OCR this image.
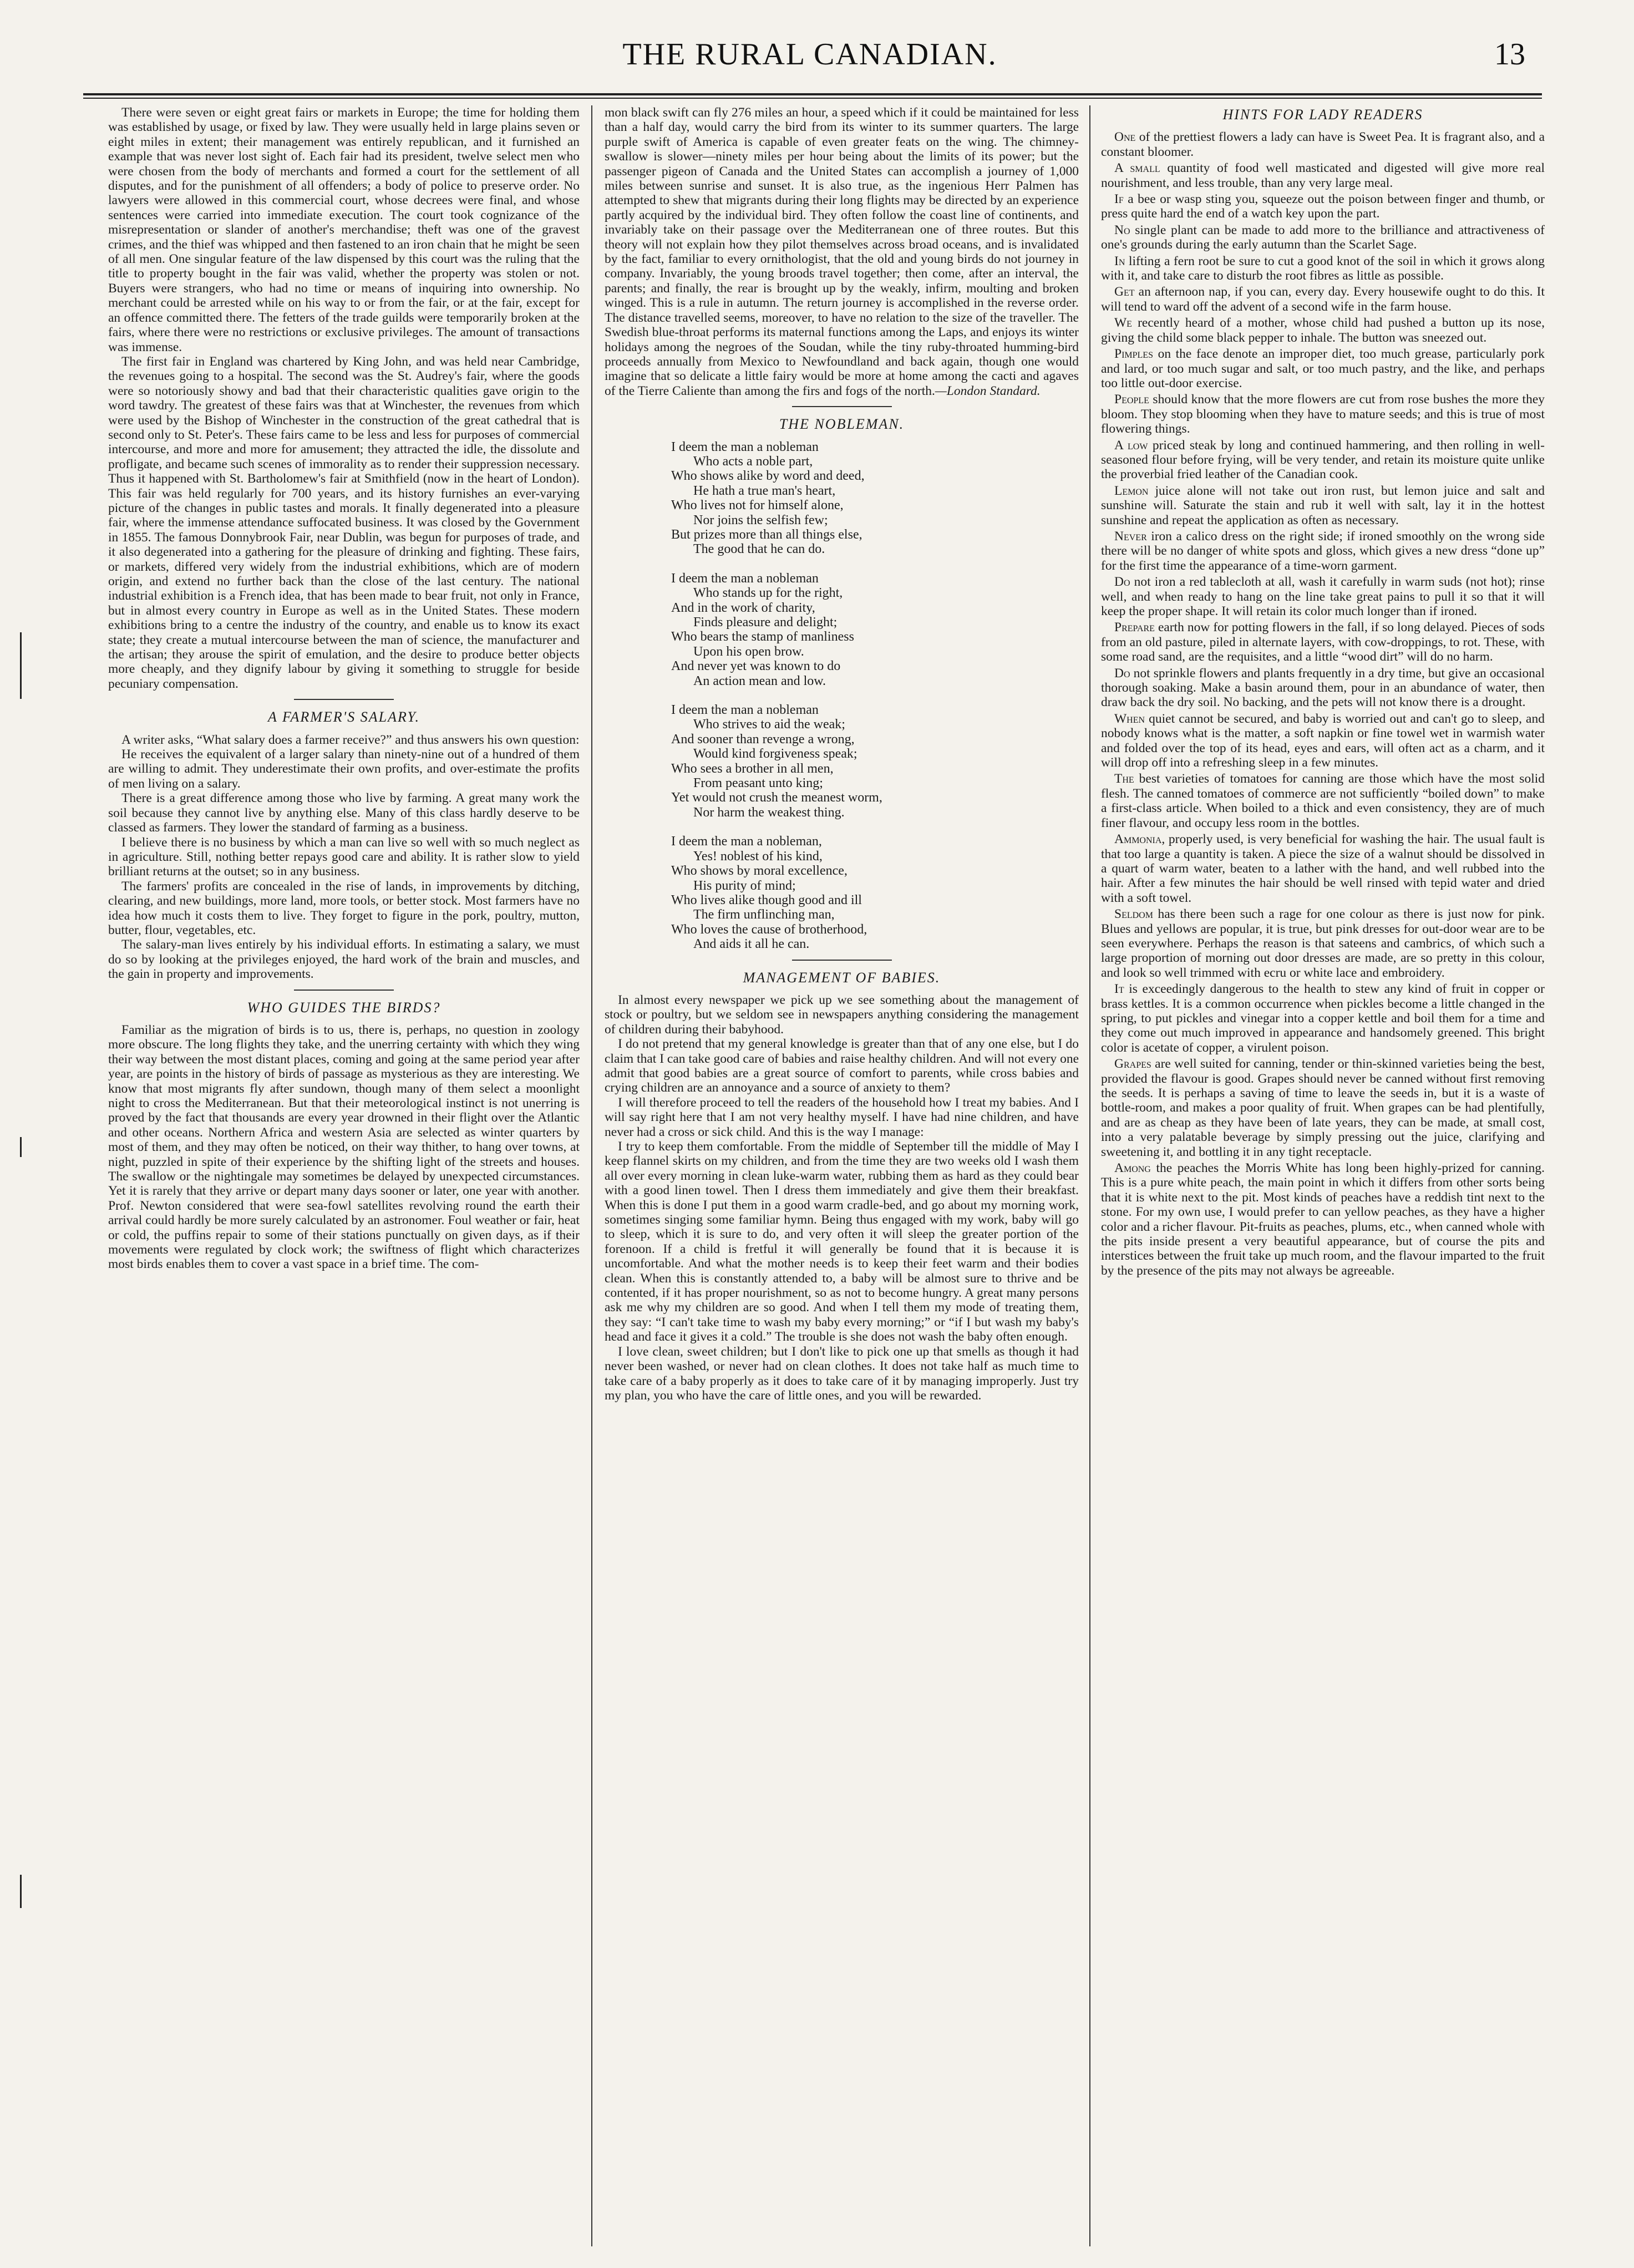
THE RURAL CANADIAN.	13

There were seven or eight great fairs or markets in Europe; the time for holding them was established by usage, or fixed by law. They were usually held in large plains seven or eight miles in extent; their management was entirely republican, and it furnished an example that was never lost sight of. Each fair had its president, twelve select men who were chosen from the body of merchants and formed a court for the settlement of all disputes, and for the punishment of all offenders; a body of police to preserve order. No lawyers were allowed in this commercial court, whose decrees were final, and whose sentences were carried into immediate execution. The court took cognizance of the misrepresentation or slander of another's merchandise; theft was one of the gravest crimes, and the thief was whipped and then fastened to an iron chain that he might be seen of all men. One singular feature of the law dispensed by this court was the ruling that the title to property bought in the fair was valid, whether the property was stolen or not. Buyers were strangers, who had no time or means of inquiring into ownership. No merchant could be arrested while on his way to or from the fair, or at the fair, except for an offence committed there. The fetters of the trade guilds were temporarily broken at the fairs, where there were no restrictions or exclusive privileges. The amount of transactions was immense.

The first fair in England was chartered by King John, and was held near Cambridge, the revenues going to a hospital. The second was the St. Audrey's fair, where the goods were so notoriously showy and bad that their characteristic qualities gave origin to the word tawdry. The greatest of these fairs was that at Winchester, the revenues from which were used by the Bishop of Winchester in the construction of the great cathedral that is second only to St. Peter's. These fairs came to be less and less for purposes of commercial intercourse, and more and more for amusement; they attracted the idle, the dissolute and profligate, and became such scenes of immorality as to render their suppression necessary. Thus it happened with St. Bartholomew's fair at Smithfield (now in the heart of London). This fair was held regularly for 700 years, and its history furnishes an ever-varying picture of the changes in public tastes and morals. It finally degenerated into a pleasure fair, where the immense attendance suffocated business. It was closed by the Government in 1855. The famous Donnybrook Fair, near Dublin, was begun for purposes of trade, and it also degenerated into a gathering for the pleasure of drinking and fighting. These fairs, or markets, differed very widely from the industrial exhibitions, which are of modern origin, and extend no further back than the close of the last century. The national industrial exhibition is a French idea, that has been made to bear fruit, not only in France, but in almost every country in Europe as well as in the United States. These modern exhibitions bring to a centre the industry of the country, and enable us to know its exact state; they create a mutual intercourse between the man of science, the manufacturer and the artisan; they arouse the spirit of emulation, and the desire to produce better objects more cheaply, and they dignify labour by giving it something to struggle for beside pecuniary compensation.

A FARMER'S SALARY.

A writer asks, “What salary does a farmer receive?” and thus answers his own question:

He receives the equivalent of a larger salary than ninety-nine out of a hundred of them are willing to admit. They underestimate their own profits, and over-estimate the profits of men living on a salary.

There is a great difference among those who live by farming. A great many work the soil because they cannot live by anything else. Many of this class hardly deserve to be classed as farmers. They lower the standard of farming as a business.

I believe there is no business by which a man can live so well with so much neglect as in agriculture. Still, nothing better repays good care and ability. It is rather slow to yield brilliant returns at the outset; so in any business.

The farmers' profits are concealed in the rise of lands, in improvements by ditching, clearing, and new buildings, more land, more tools, or better stock. Most farmers have no idea how much it costs them to live. They forget to figure in the pork, poultry, mutton, butter, flour, vegetables, etc.

The salary-man lives entirely by his individual efforts. In estimating a salary, we must do so by looking at the privileges enjoyed, the hard work of the brain and muscles, and the gain in property and improvements.

WHO GUIDES THE BIRDS?

Familiar as the migration of birds is to us, there is, perhaps, no question in zoology more obscure. The long flights they take, and the unerring certainty with which they wing their way between the most distant places, coming and going at the same period year after year, are points in the history of birds of passage as mysterious as they are interesting. We know that most migrants fly after sundown, though many of them select a moonlight night to cross the Mediterranean. But that their meteorological instinct is not unerring is proved by the fact that thousands are every year drowned in their flight over the Atlantic and other oceans. Northern Africa and western Asia are selected as winter quarters by most of them, and they may often be noticed, on their way thither, to hang over towns, at night, puzzled in spite of their experience by the shifting light of the streets and houses. The swallow or the nightingale may sometimes be delayed by unexpected circumstances. Yet it is rarely that they arrive or depart many days sooner or later, one year with another. Prof. Newton considered that were sea-fowl satellites revolving round the earth their arrival could hardly be more surely calculated by an astronomer. Foul weather or fair, heat or cold, the puffins repair to some of their stations punctually on given days, as if their movements were regulated by clock work; the swiftness of flight which characterizes most birds enables them to cover a vast space in a brief time. The com-

mon black swift can fly 276 miles an hour, a speed which if it could be maintained for less than a half day, would carry the bird from its winter to its summer quarters. The large purple swift of America is capable of even greater feats on the wing. The chimney-swallow is slower—ninety miles per hour being about the limits of its power; but the passenger pigeon of Canada and the United States can accomplish a journey of 1,000 miles between sunrise and sunset. It is also true, as the ingenious Herr Palmen has attempted to shew that migrants during their long flights may be directed by an experience partly acquired by the individual bird. They often follow the coast line of continents, and invariably take on their passage over the Mediterranean one of three routes. But this theory will not explain how they pilot themselves across broad oceans, and is invalidated by the fact, familiar to every ornithologist, that the old and young birds do not journey in company. Invariably, the young broods travel together; then come, after an interval, the parents; and finally, the rear is brought up by the weakly, infirm, moulting and broken winged. This is a rule in autumn. The return journey is accomplished in the reverse order. The distance travelled seems, moreover, to have no relation to the size of the traveller. The Swedish blue-throat performs its maternal functions among the Laps, and enjoys its winter holidays among the negroes of the Soudan, while the tiny ruby-throated humming-bird proceeds annually from Mexico to Newfoundland and back again, though one would imagine that so delicate a little fairy would be more at home among the cacti and agaves of the Tierre Caliente than among the firs and fogs of the north.—London Standard.

THE NOBLEMAN.
I deem the man a nobleman
Who acts a noble part,
Who shows alike by word and deed,
He hath a true man's heart,
Who lives not for himself alone,
Nor joins the selfish few;
But prizes more than all things else,
The good that he can do.
I deem the man a nobleman
Who stands up for the right,
And in the work of charity,
Finds pleasure and delight;
Who bears the stamp of manliness
Upon his open brow.
And never yet was known to do
An action mean and low.
I deem the man a nobleman
Who strives to aid the weak;
And sooner than revenge a wrong,
Would kind forgiveness speak;
Who sees a brother in all men,
From peasant unto king;
Yet would not crush the meanest worm,
Nor harm the weakest thing.
I deem the man a nobleman,
Yes! noblest of his kind,
Who shows by moral excellence,
His purity of mind;
Who lives alike though good and ill
The firm unflinching man,
Who loves the cause of brotherhood,
And aids it all he can.
MANAGEMENT OF BABIES.

In almost every newspaper we pick up we see something about the management of stock or poultry, but we seldom see in newspapers anything considering the management of children during their babyhood.

I do not pretend that my general knowledge is greater than that of any one else, but I do claim that I can take good care of babies and raise healthy children. And will not every one admit that good babies are a great source of comfort to parents, while cross babies and crying children are an annoyance and a source of anxiety to them?

I will therefore proceed to tell the readers of the household how I treat my babies. And I will say right here that I am not very healthy myself. I have had nine children, and have never had a cross or sick child. And this is the way I manage:

I try to keep them comfortable. From the middle of September till the middle of May I keep flannel skirts on my children, and from the time they are two weeks old I wash them all over every morning in clean luke-warm water, rubbing them as hard as they could bear with a good linen towel. Then I dress them immediately and give them their breakfast. When this is done I put them in a good warm cradle-bed, and go about my morning work, sometimes singing some familiar hymn. Being thus engaged with my work, baby will go to sleep, which it is sure to do, and very often it will sleep the greater portion of the forenoon. If a child is fretful it will generally be found that it is because it is uncomfortable. And what the mother needs is to keep their feet warm and their bodies clean. When this is constantly attended to, a baby will be almost sure to thrive and be contented, if it has proper nourishment, so as not to become hungry. A great many persons ask me why my children are so good. And when I tell them my mode of treating them, they say: “I can't take time to wash my baby every morning;” or “if I but wash my baby's head and face it gives it a cold.” The trouble is she does not wash the baby often enough.

I love clean, sweet children; but I don't like to pick one up that smells as though it had never been washed, or never had on clean clothes. It does not take half as much time to take care of a baby properly as it does to take care of it by managing improperly. Just try my plan, you who have the care of little ones, and you will be rewarded.

HINTS FOR LADY READERS

One of the prettiest flowers a lady can have is Sweet Pea. It is fragrant also, and a constant bloomer.

A small quantity of food well masticated and digested will give more real nourishment, and less trouble, than any very large meal.

If a bee or wasp sting you, squeeze out the poison between finger and thumb, or press quite hard the end of a watch key upon the part.

No single plant can be made to add more to the brilliance and attractiveness of one's grounds during the early autumn than the Scarlet Sage.

In lifting a fern root be sure to cut a good knot of the soil in which it grows along with it, and take care to disturb the root fibres as little as possible.

Get an afternoon nap, if you can, every day. Every housewife ought to do this. It will tend to ward off the advent of a second wife in the farm house.

We recently heard of a mother, whose child had pushed a button up its nose, giving the child some black pepper to inhale. The button was sneezed out.

Pimples on the face denote an improper diet, too much grease, particularly pork and lard, or too much sugar and salt, or too much pastry, and the like, and perhaps too little out-door exercise.

People should know that the more flowers are cut from rose bushes the more they bloom. They stop blooming when they have to mature seeds; and this is true of most flowering things.

A low priced steak by long and continued hammering, and then rolling in well-seasoned flour before frying, will be very tender, and retain its moisture quite unlike the proverbial fried leather of the Canadian cook.

Lemon juice alone will not take out iron rust, but lemon juice and salt and sunshine will. Saturate the stain and rub it well with salt, lay it in the hottest sunshine and repeat the application as often as necessary.

Never iron a calico dress on the right side; if ironed smoothly on the wrong side there will be no danger of white spots and gloss, which gives a new dress “done up” for the first time the appearance of a time-worn garment.

Do not iron a red tablecloth at all, wash it carefully in warm suds (not hot); rinse well, and when ready to hang on the line take great pains to pull it so that it will keep the proper shape. It will retain its color much longer than if ironed.

Prepare earth now for potting flowers in the fall, if so long delayed. Pieces of sods from an old pasture, piled in alternate layers, with cow-droppings, to rot. These, with some road sand, are the requisites, and a little “wood dirt” will do no harm.

Do not sprinkle flowers and plants frequently in a dry time, but give an occasional thorough soaking. Make a basin around them, pour in an abundance of water, then draw back the dry soil. No backing, and the pets will not know there is a drought.

When quiet cannot be secured, and baby is worried out and can't go to sleep, and nobody knows what is the matter, a soft napkin or fine towel wet in warmish water and folded over the top of its head, eyes and ears, will often act as a charm, and it will drop off into a refreshing sleep in a few minutes.

The best varieties of tomatoes for canning are those which have the most solid flesh. The canned tomatoes of commerce are not sufficiently “boiled down” to make a first-class article. When boiled to a thick and even consistency, they are of much finer flavour, and occupy less room in the bottles.

Ammonia, properly used, is very beneficial for washing the hair. The usual fault is that too large a quantity is taken. A piece the size of a walnut should be dissolved in a quart of warm water, beaten to a lather with the hand, and well rubbed into the hair. After a few minutes the hair should be well rinsed with tepid water and dried with a soft towel.

Seldom has there been such a rage for one colour as there is just now for pink. Blues and yellows are popular, it is true, but pink dresses for out-door wear are to be seen everywhere. Perhaps the reason is that sateens and cambrics, of which such a large proportion of morning out door dresses are made, are so pretty in this colour, and look so well trimmed with ecru or white lace and embroidery.

It is exceedingly dangerous to the health to stew any kind of fruit in copper or brass kettles. It is a common occurrence when pickles become a little changed in the spring, to put pickles and vinegar into a copper kettle and boil them for a time and they come out much improved in appearance and handsomely greened. This bright color is acetate of copper, a virulent poison.

Grapes are well suited for canning, tender or thin-skinned varieties being the best, provided the flavour is good. Grapes should never be canned without first removing the seeds. It is perhaps a saving of time to leave the seeds in, but it is a waste of bottle-room, and makes a poor quality of fruit. When grapes can be had plentifully, and are as cheap as they have been of late years, they can be made, at small cost, into a very palatable beverage by simply pressing out the juice, clarifying and sweetening it, and bottling it in any tight receptacle.

Among the peaches the Morris White has long been highly-prized for canning. This is a pure white peach, the main point in which it differs from other sorts being that it is white next to the pit. Most kinds of peaches have a reddish tint next to the stone. For my own use, I would prefer to can yellow peaches, as they have a higher color and a richer flavour. Pit-fruits as peaches, plums, etc., when canned whole with the pits inside present a very beautiful appearance, but of course the pits and interstices between the fruit take up much room, and the flavour imparted to the fruit by the presence of the pits may not always be agreeable.
